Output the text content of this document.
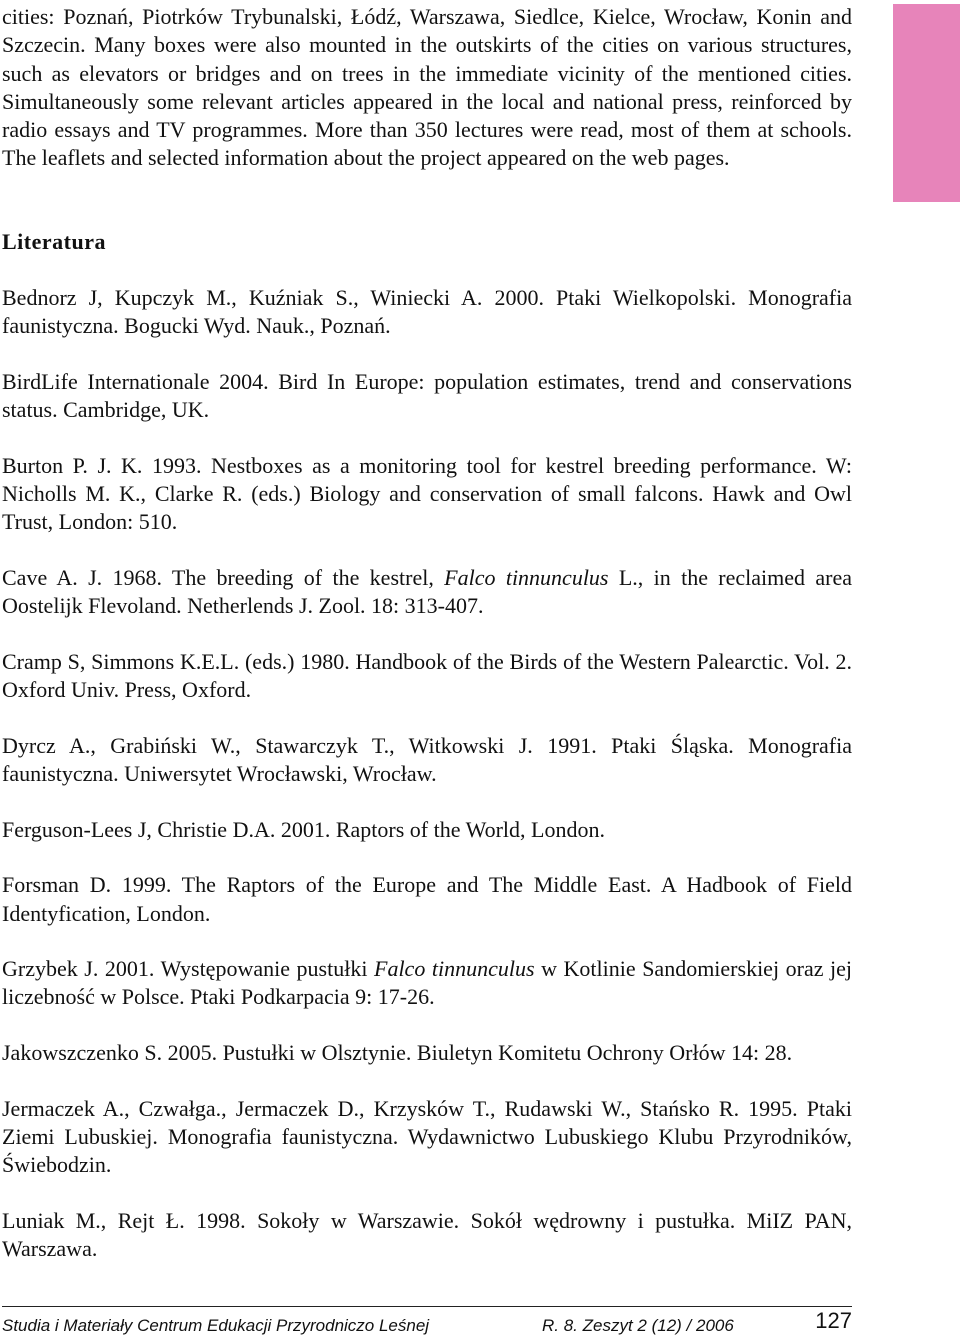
cities: Poznań, Piotrków Trybunalski, Łódź, Warszawa, Siedlce, Kielce, Wrocław, Konin and Szczecin. Many boxes were also mounted in the outskirts of the cities on various structures, such as elevators or bridges and on trees in the immediate vicinity of the mentioned cities. Simultaneously some relevant articles appeared in the local and national press, reinforced by radio essays and TV programmes. More than 350 lectures were read, most of them at schools. The leaflets and selected information about the project appeared on the web pages.

Literatura
Bednorz J, Kupczyk M., Kuźniak S., Winiecki A. 2000. Ptaki Wielkopolski. Monografia faunistyczna. Bogucki Wyd. Nauk., Poznań.
BirdLife Internationale 2004. Bird In Europe: population estimates, trend and conservations status. Cambridge, UK.
Burton P. J. K. 1993. Nestboxes as a monitoring tool for kestrel breeding performance. W: Nicholls M. K., Clarke R. (eds.) Biology and conservation of small falcons. Hawk and Owl Trust, London: 510.
Cave A. J. 1968. The breeding of the kestrel, Falco tinnunculus L., in the reclaimed area Oostelijk Flevoland. Netherlends J. Zool. 18: 313-407.
Cramp S, Simmons K.E.L. (eds.) 1980. Handbook of the Birds of the Western Palearctic. Vol. 2. Oxford Univ. Press, Oxford.
Dyrcz A., Grabiński W., Stawarczyk T., Witkowski J. 1991. Ptaki Śląska. Monografia faunistyczna. Uniwersytet Wrocławski, Wrocław.
Ferguson-Lees J, Christie D.A. 2001. Raptors of the World, London.
Forsman D. 1999. The Raptors of the Europe and The Middle East. A Hadbook of Field Identyfication, London.
Grzybek J. 2001. Występowanie pustułki Falco tinnunculus w Kotlinie Sandomierskiej oraz jej liczebność w Polsce. Ptaki Podkarpacia 9: 17-26.
Jakowszczenko S. 2005. Pustułki w Olsztynie. Biuletyn Komitetu Ochrony Orłów 14: 28.
Jermaczek A., Czwałga., Jermaczek D., Krzysków T., Rudawski W., Stańsko R. 1995. Ptaki Ziemi Lubuskiej. Monografia faunistyczna. Wydawnictwo Lubuskiego Klubu Przyrodników, Świebodzin.
Luniak M., Rejt Ł. 1998. Sokoły w Warszawie. Sokół wędrowny i pustułka. MiIZ PAN, Warszawa.
Studia i Materiały Centrum Edukacji Przyrodniczo Leśnej	R. 8. Zeszyt 2 (12) / 2006	127
